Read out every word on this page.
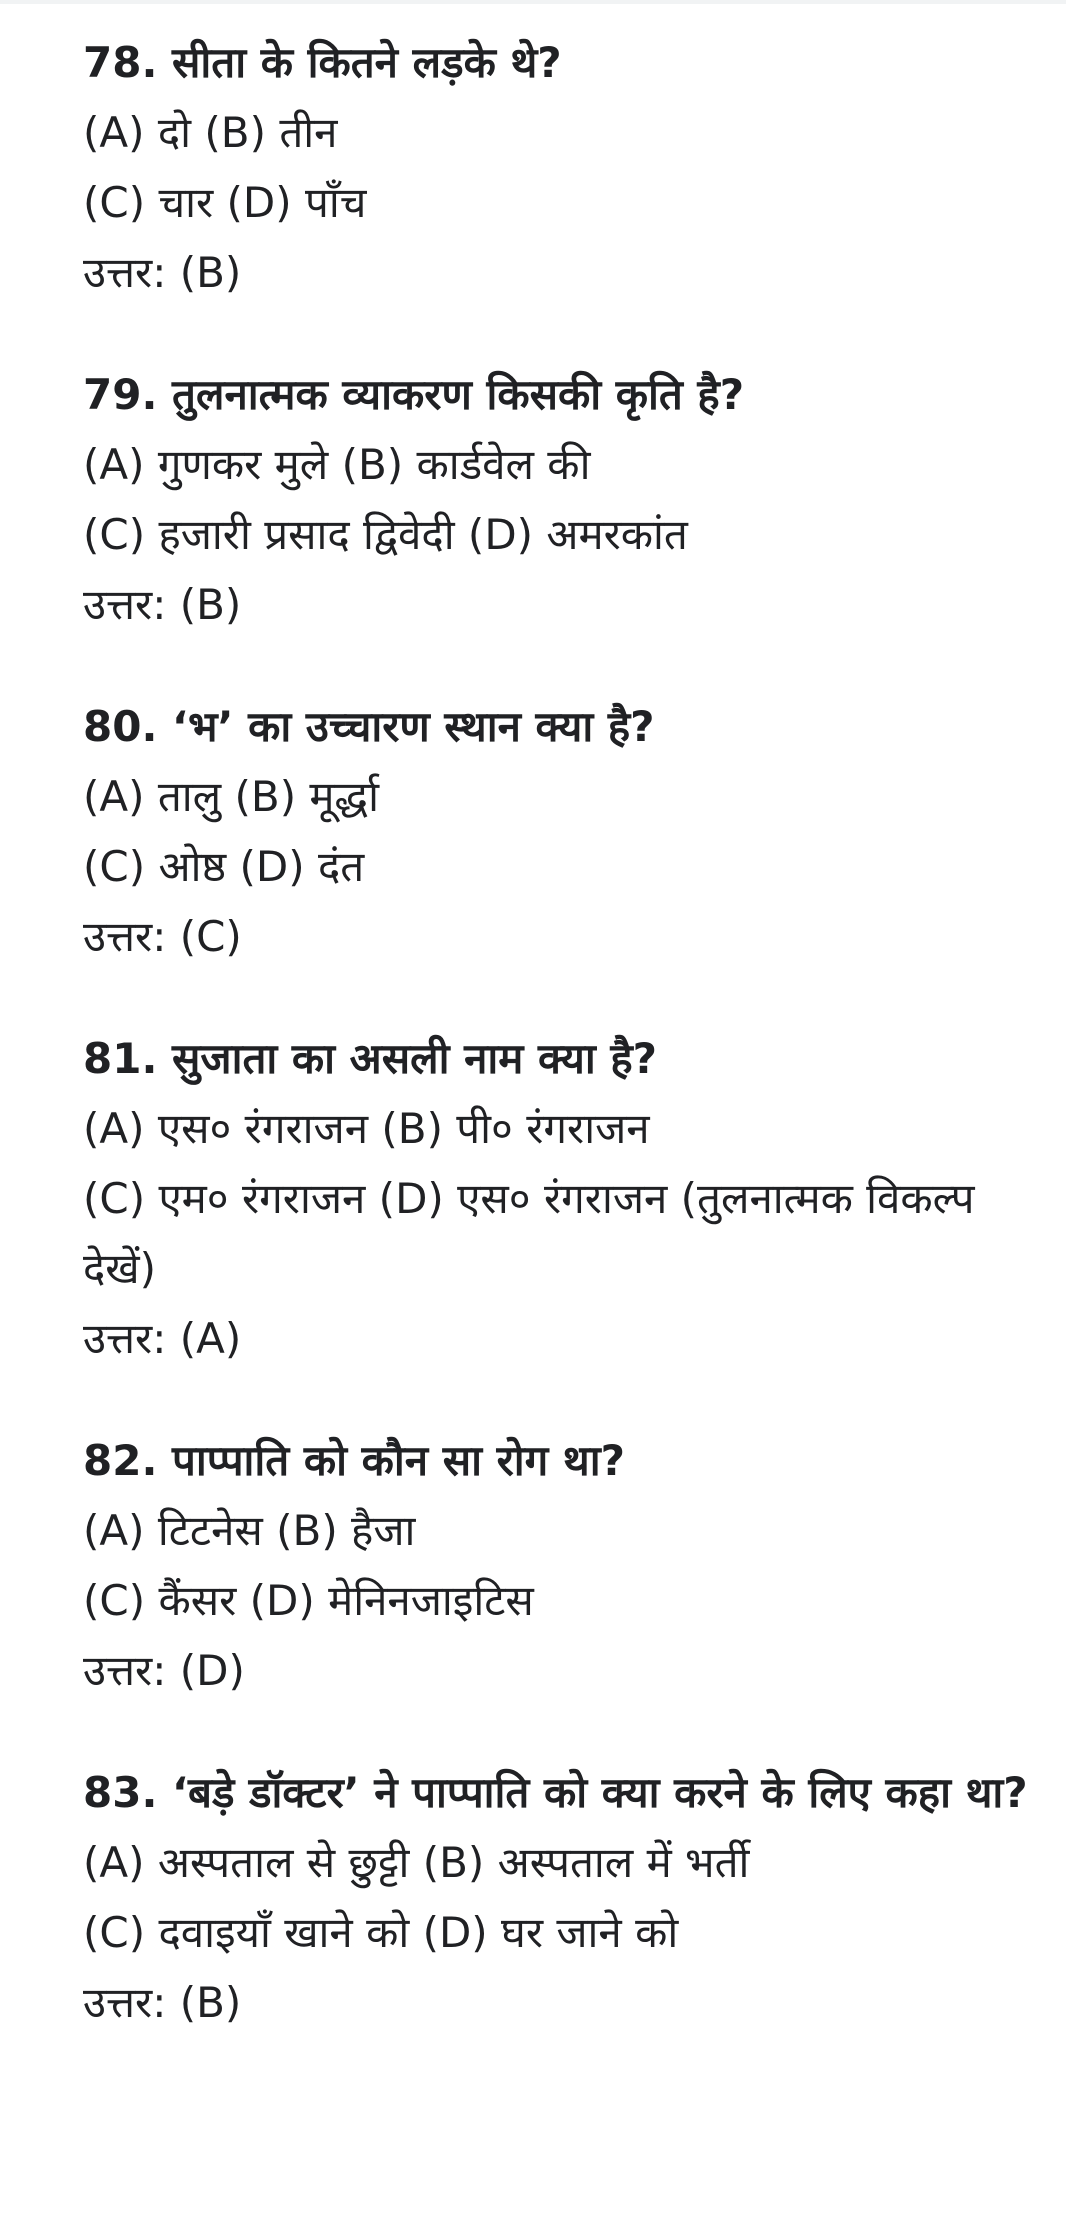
78. सीता के कितने लड़के थे?
(A) दो (B) तीन
(C) चार (D) पाँच
उत्तर: (B)
79. तुलनात्मक व्याकरण किसकी कृति है?
(A) गुणकर मुले (B) कार्डवेल की
(C) हजारी प्रसाद द्विवेदी (D) अमरकांत
उत्तर: (B)
80. ‘भ’ का उच्चारण स्थान क्या है?
(A) तालु (B) मूर्द्धा
(C) ओष्ठ (D) दंत
उत्तर: (C)
81. सुजाता का असली नाम क्या है?
(A) एस० रंगराजन (B) पी० रंगराजन
(C) एम० रंगराजन (D) एस० रंगराजन (तुलनात्मक विकल्प देखें)
उत्तर: (A)
82. पाप्पाति को कौन सा रोग था?
(A) टिटनेस (B) हैजा
(C) कैंसर (D) मेनिनजाइटिस
उत्तर: (D)
83. ‘बड़े डॉक्टर’ ने पाप्पाति को क्या करने के लिए कहा था?
(A) अस्पताल से छुट्टी (B) अस्पताल में भर्ती
(C) दवाइयाँ खाने को (D) घर जाने को
उत्तर: (B)
